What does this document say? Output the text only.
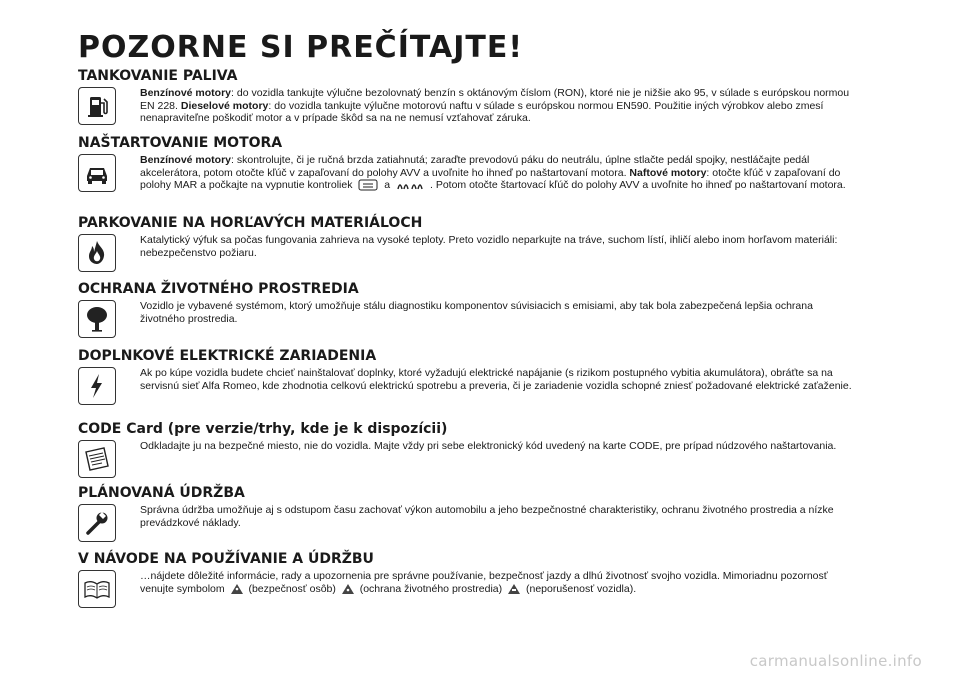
POZORNE SI PREČÍTAJTE!
TANKOVANIE PALIVA

Benzínové motory: do vozidla tankujte výlučne bezolovnatý benzín s oktánovým číslom (RON), ktoré nie je nižšie ako 95, v súlade s európskou normou EN 228. Dieselové motory: do vozidla tankujte výlučne motorovú naftu v súlade s európskou normou EN590. Použitie iných výrobkov alebo zmesí nenapraviteľne poškodiť motor a v prípade škôd sa na ne nemusí vzťahovať záruka.

NAŠTARTOVANIE MOTORA

Benzínové motory: skontrolujte, či je ručná brzda zatiahnutá; zaraďte prevodovú páku do neutrálu, úplne stlačte pedál spojky, nestláčajte pedál akcelerátora, potom otočte kľúč v zapaľovaní do polohy AVV a uvoľnite ho ihneď po naštartovaní motora. Naftové motory: otočte kľúč v zapaľovaní do polohy MAR a počkajte na vypnutie kontroliek	a	. Potom otočte štartovací kľúč do polohy AVV a uvoľnite ho ihneď po naštartovaní motora.

PARKOVANIE NA HORĽAVÝCH MATERIÁLOCH

Katalytický výfuk sa počas fungovania zahrieva na vysoké teploty. Preto vozidlo neparkujte na tráve, suchom lístí, ihličí alebo inom horľavom materiáli: nebezpečenstvo požiaru.

OCHRANA ŽIVOTNÉHO PROSTREDIA

Vozidlo je vybavené systémom, ktorý umožňuje stálu diagnostiku komponentov súvisiacich s emisiami, aby tak bola zabezpečená lepšia ochrana životného prostredia.

DOPLNKOVÉ ELEKTRICKÉ ZARIADENIA

Ak po kúpe vozidla budete chcieť nainštalovať doplnky, ktoré vyžadujú elektrické napájanie (s rizikom postupného vybitia akumulátora), obráťte sa na servisnú sieť Alfa Romeo, kde zhodnotia celkovú elektrickú spotrebu a preveria, či je zariadenie vozidla schopné zniesť požadované elektrické zaťaženie.

CODE Card (pre verzie/trhy, kde je k dispozícii)

Odkladajte ju na bezpečné miesto, nie do vozidla. Majte vždy pri sebe elektronický kód uvedený na karte CODE, pre prípad núdzového naštartovania.

PLÁNOVANÁ ÚDRŽBA

Správna údržba umožňuje aj s odstupom času zachovať výkon automobilu a jeho bezpečnostné charakteristiky, ochranu životného prostredia a nízke prevádzkové náklady.

V NÁVODE NA POUŽÍVANIE A ÚDRŽBU

…nájdete dôležité informácie, rady a upozornenia pre správne používanie, bezpečnosť jazdy a dlhú životnosť svojho vozidla. Mimoriadnu pozornosť venujte symbolom (bezpečnosť osôb) (ochrana životného prostredia) (neporušenosť vozidla).

carmanualsonline.info
